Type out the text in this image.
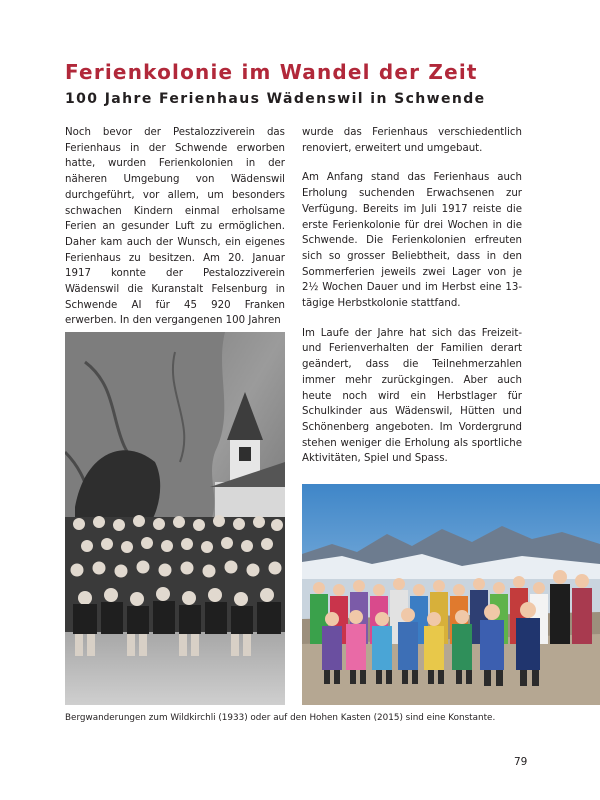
Ferienkolonie im Wandel der Zeit
100 Jahre Ferienhaus Wädenswil in Schwende

Noch bevor der Pestalozziverein das Ferienhaus in der Schwende erworben hatte, wurden Ferienkolonien in der näheren Umgebung von Wädenswil durchgeführt, vor allem, um besonders schwachen Kindern einmal erholsame Ferien an gesunder Luft zu ermöglichen. Daher kam auch der Wunsch, ein eigenes Ferienhaus zu besitzen. Am 20. Januar 1917 konnte der Pestalozziverein Wädenswil die Kuranstalt Felsenburg in Schwende AI für 45 920 Franken erwerben. In den vergangenen 100 Jahren

wurde das Ferienhaus verschiedentlich renoviert, erweitert und umgebaut.

Am Anfang stand das Ferienhaus auch Erholung suchenden Erwachsenen zur Verfügung. Bereits im Juli 1917 reiste die erste Ferienkolonie für drei Wochen in die Schwende. Die Ferienkolonien erfreuten sich so grosser Beliebtheit, dass in den Sommerferien jeweils zwei Lager von je 2½ Wochen Dauer und im Herbst eine 13-tägige Herbstkolonie stattfand.

Im Laufe der Jahre hat sich das Freizeit- und Ferienverhalten der Familien derart geändert, dass die Teilnehmerzahlen immer mehr zurückgingen. Aber auch heute noch wird ein Herbstlager für Schulkinder aus Wädenswil, Hütten und Schönenberg angeboten. Im Vordergrund stehen weniger die Erholung als sportliche Aktivitäten, Spiel und Spass.

Bergwanderungen zum Wildkirchli (1933) oder auf den Hohen Kasten (2015) sind eine Konstante.

79
